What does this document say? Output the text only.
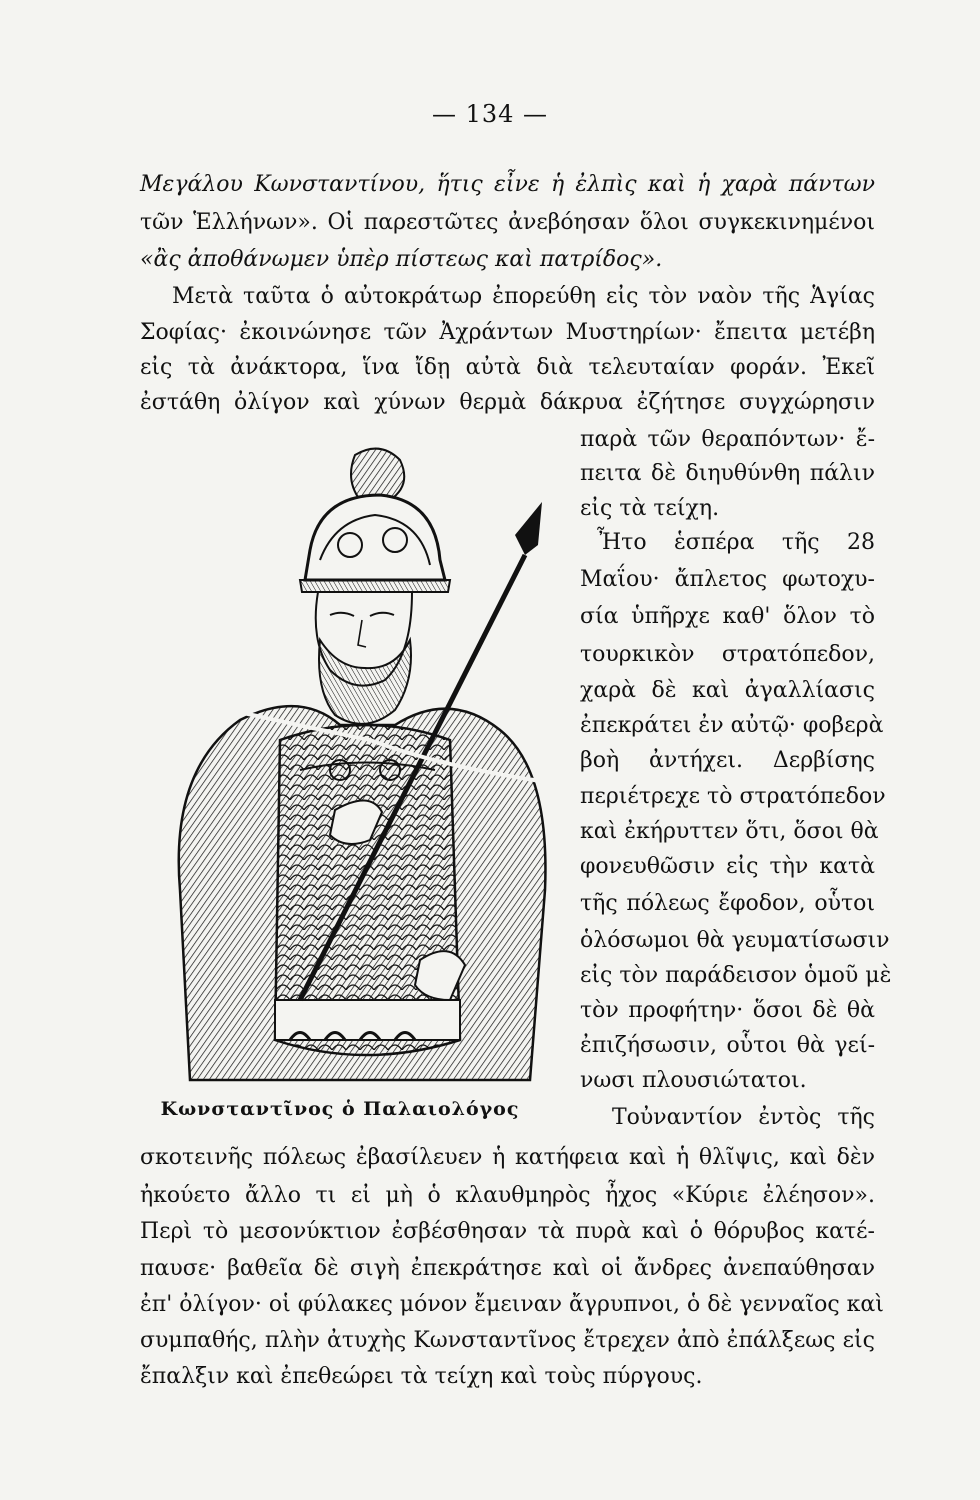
— 134 —
Μεγάλου Κωνσταντίνου, ἥτις εἶνε ἡ ἐλπὶς καὶ ἡ χαρὰ πάντων
τῶν Ἑλλήνων». Οἱ παρεστῶτες ἀνεβόησαν ὅλοι συγκεκινημένοι
«ἂς ἀποθάνωμεν ὑπὲρ πίστεως καὶ πατρίδος».
Μετὰ ταῦτα ὁ αὐτοκράτωρ ἐπορεύθη εἰς τὸν ναὸν τῆς Ἁγίας
Σοφίας· ἐκοινώνησε τῶν Ἀχράντων Μυστηρίων· ἔπειτα μετέβη
εἰς τὰ ἀνάκτορα, ἵνα ἴδῃ αὐτὰ διὰ τελευταίαν φοράν. Ἐκεῖ
ἐστάθη ὀλίγον καὶ χύνων θερμὰ δάκρυα ἐζήτησε συγχώρησιν
παρὰ τῶν θεραπόντων· ἔ-
πειτα δὲ διηυθύνθη πάλιν
εἰς τὰ τείχη.
Ἦτο ἑσπέρα τῆς 28
Μαΐου· ἄπλετος φωτοχυ-
σία ὑπῆρχε καθ' ὅλον τὸ
τουρκικὸν στρατόπεδον,
χαρὰ δὲ καὶ ἀγαλλίασις
ἐπεκράτει ἐν αὐτῷ· φοβερὰ
βοὴ ἀντήχει. Δερβίσης
περιέτρεχε τὸ στρατόπεδον
καὶ ἐκήρυττεν ὅτι, ὅσοι θὰ
φονευθῶσιν εἰς τὴν κατὰ
τῆς πόλεως ἔφοδον, οὗτοι
ὁλόσωμοι θὰ γευματίσωσιν
εἰς τὸν παράδεισον ὁμοῦ μὲ
τὸν προφήτην· ὅσοι δὲ θὰ
ἐπιζήσωσιν, οὗτοι θὰ γεί-
νωσι πλουσιώτατοι.
Τοὐναντίον ἐντὸς τῆς
σκοτεινῆς πόλεως ἐβασίλευεν ἡ κατήφεια καὶ ἡ θλῖψις, καὶ δὲν
ἠκούετο ἄλλο τι εἰ μὴ ὁ κλαυθμηρὸς ἦχος «Κύριε ἐλέησον».
Περὶ τὸ μεσονύκτιον ἐσβέσθησαν τὰ πυρὰ καὶ ὁ θόρυβος κατέ-
παυσε· βαθεῖα δὲ σιγὴ ἐπεκράτησε καὶ οἱ ἄνδρες ἀνεπαύθησαν
ἐπ' ὀλίγον· οἱ φύλακες μόνον ἔμειναν ἄγρυπνοι, ὁ δὲ γενναῖος καὶ
συμπαθής, πλὴν ἀτυχὴς Κωνσταντῖνος ἔτρεχεν ἀπὸ ἐπάλξεως εἰς
ἔπαλξιν καὶ ἐπεθεώρει τὰ τείχη καὶ τοὺς πύργους.
Κωνσταντῖνος ὁ Παλαιολόγος
